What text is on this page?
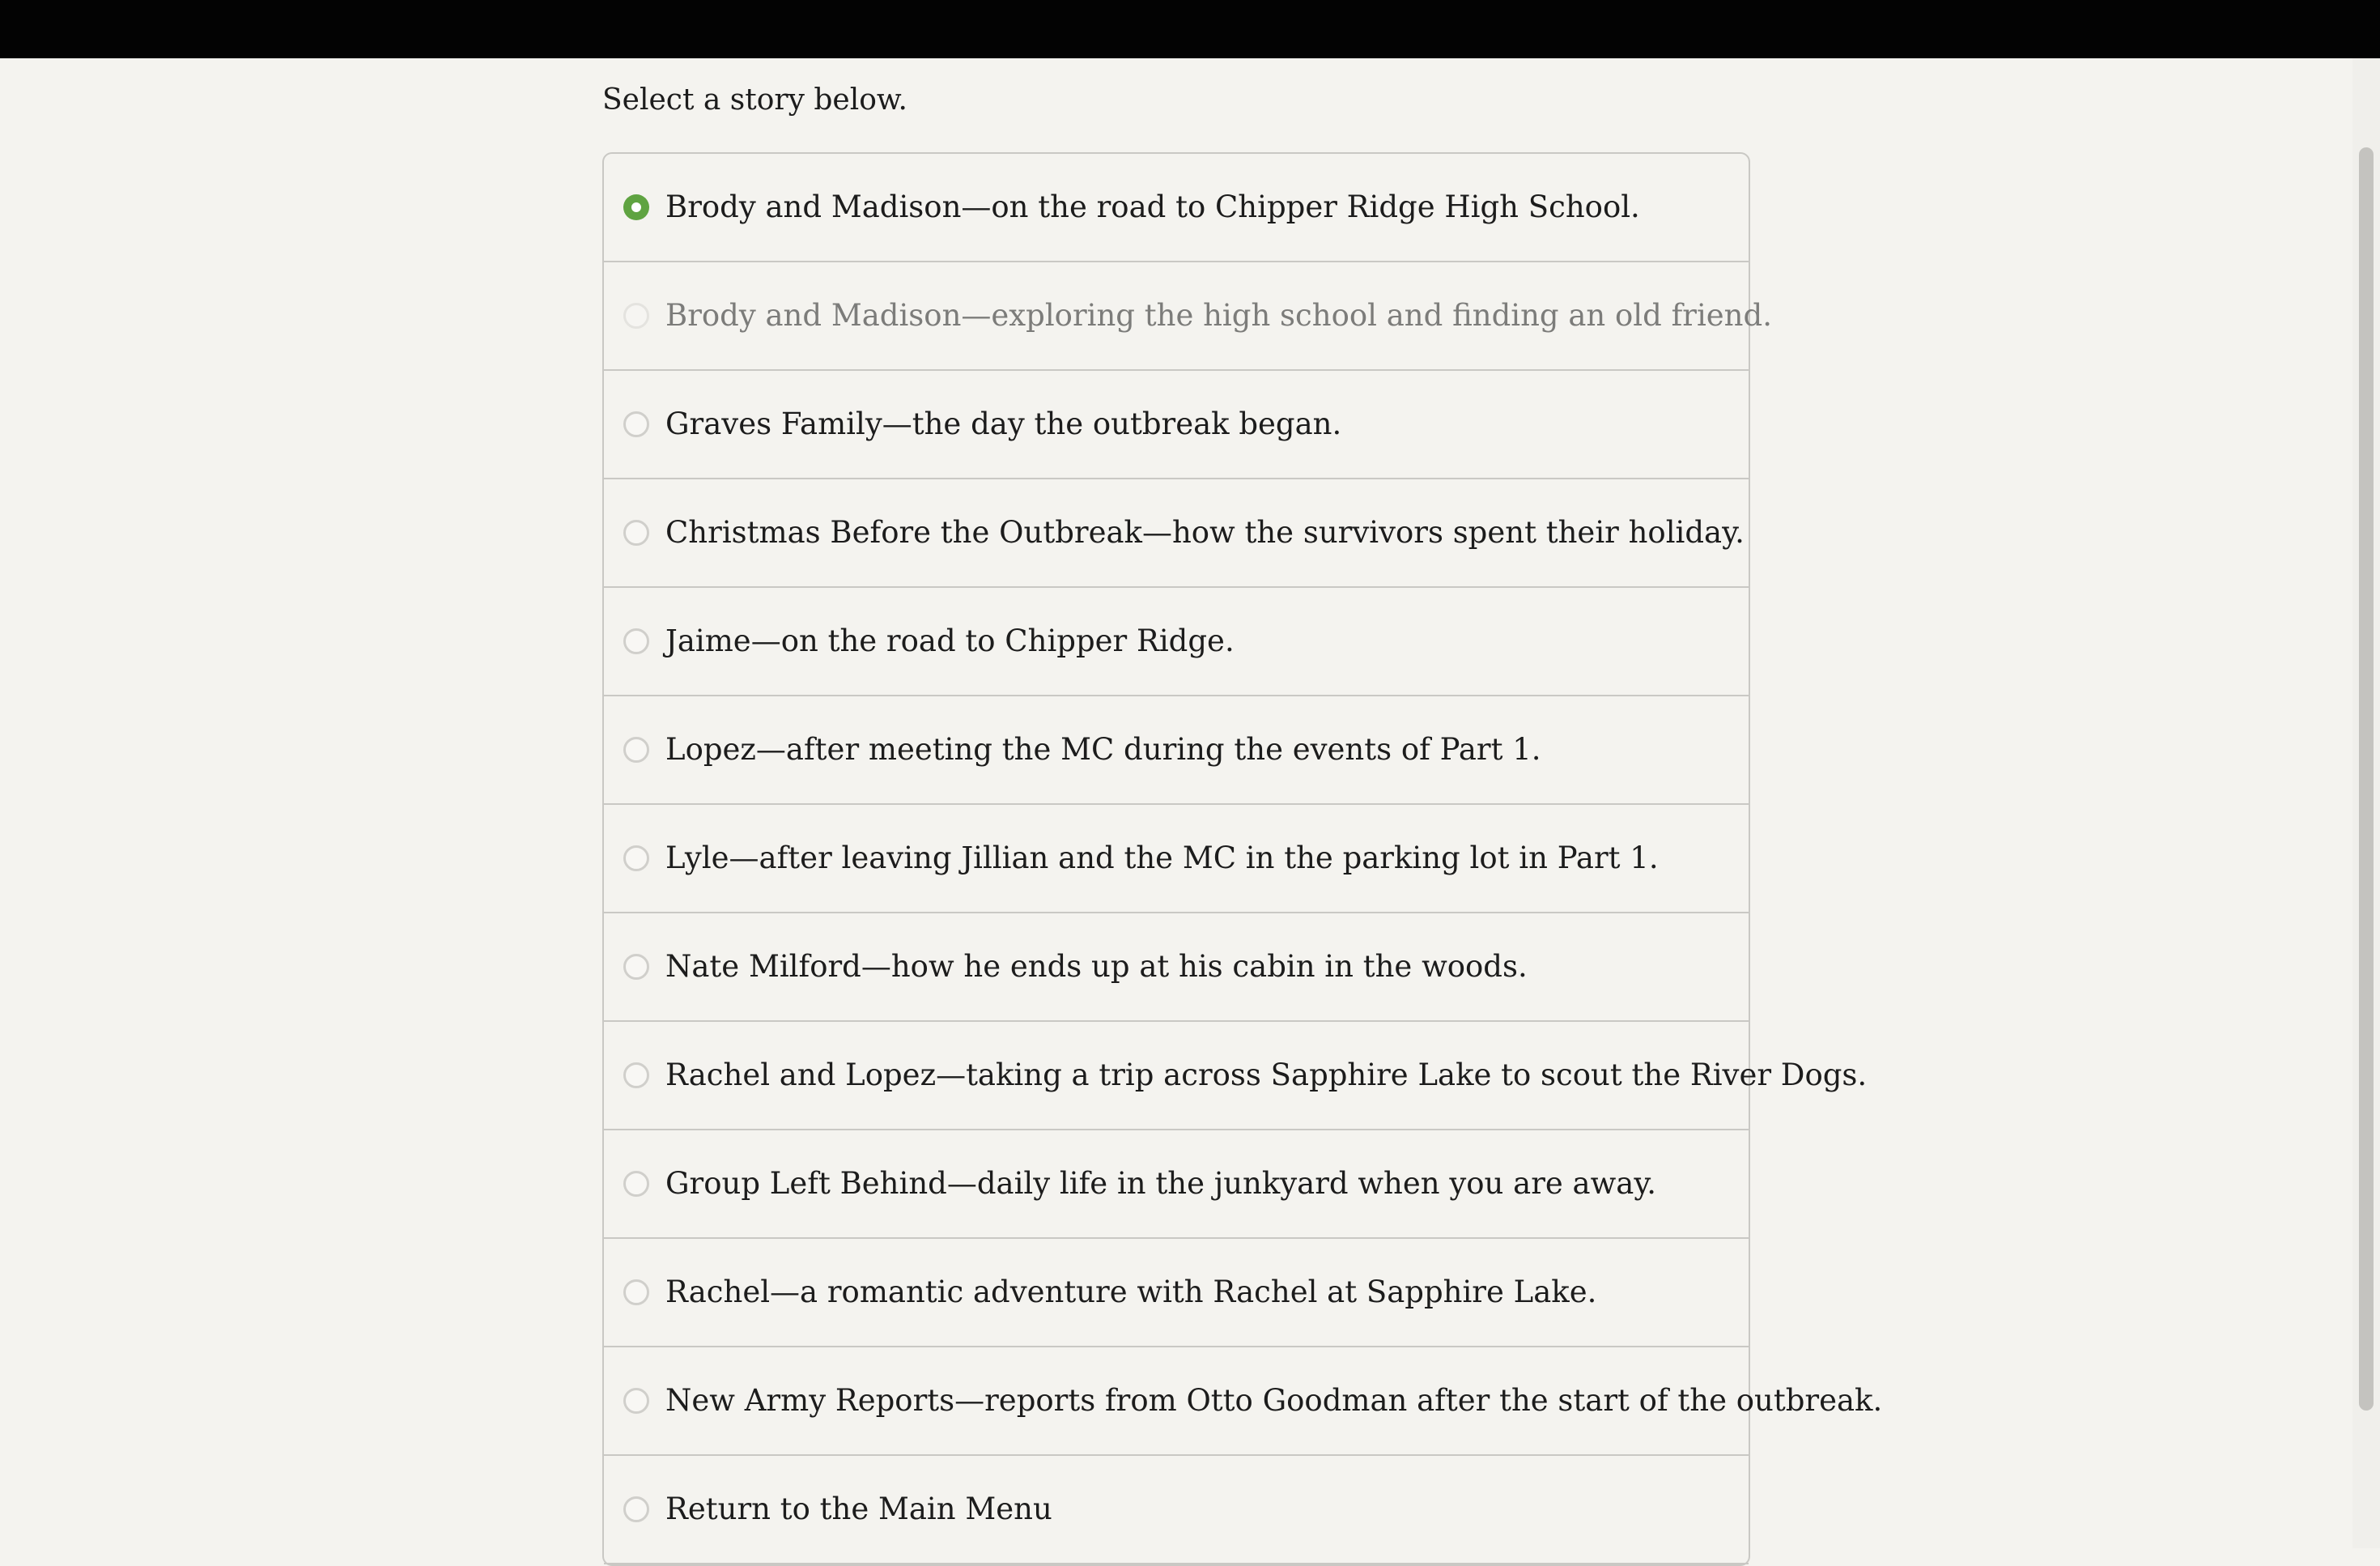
Select a story below.

Brody and Madison—on the road to Chipper Ridge High School.
Brody and Madison—exploring the high school and finding an old friend.
Graves Family—the day the outbreak began.
Christmas Before the Outbreak—how the survivors spent their holiday.
Jaime—on the road to Chipper Ridge.
Lopez—after meeting the MC during the events of Part 1.
Lyle—after leaving Jillian and the MC in the parking lot in Part 1.
Nate Milford—how he ends up at his cabin in the woods.
Rachel and Lopez—taking a trip across Sapphire Lake to scout the River Dogs.
Group Left Behind—daily life in the junkyard when you are away.
Rachel—a romantic adventure with Rachel at Sapphire Lake.
New Army Reports—reports from Otto Goodman after the start of the outbreak.
Return to the Main Menu
